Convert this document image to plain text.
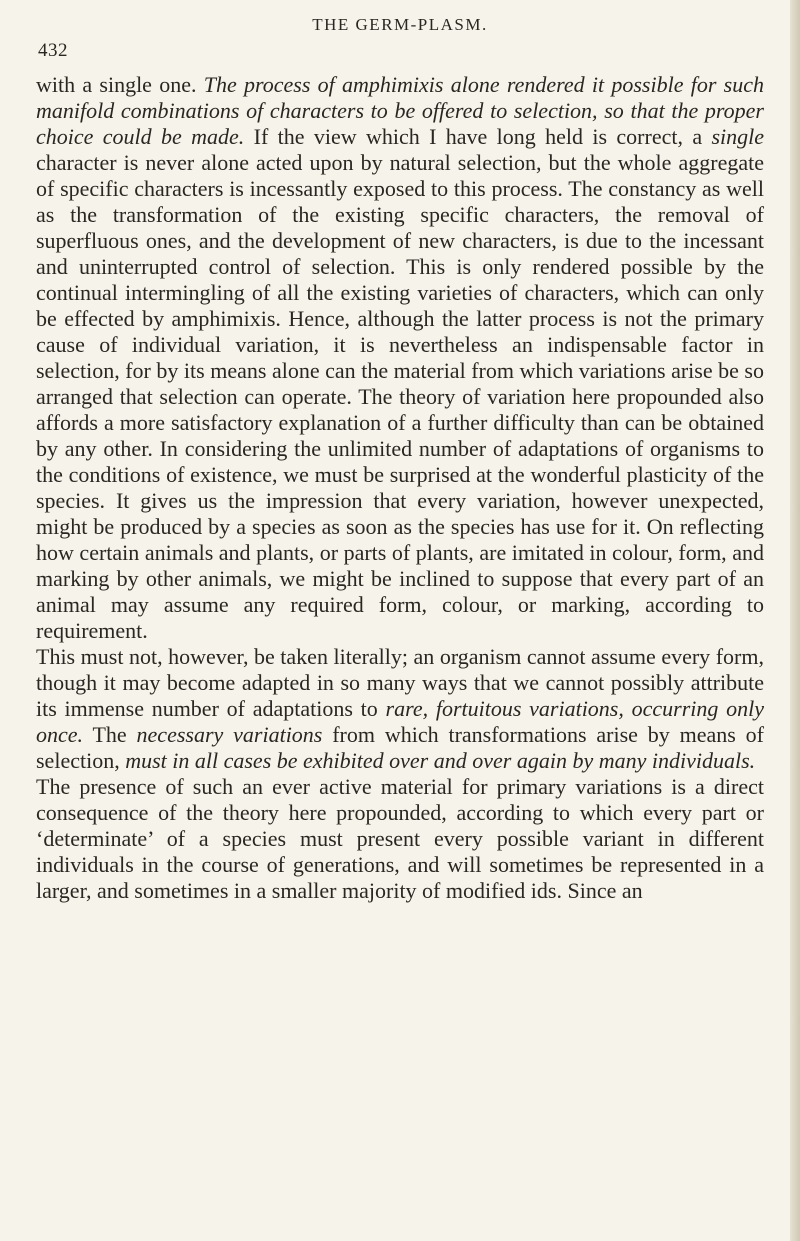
432
THE GERM-PLASM.

with a single one. The process of amphimixis alone rendered it possible for such manifold combinations of characters to be offered to selection, so that the proper choice could be made. If the view which I have long held is correct, a single character is never alone acted upon by natural selection, but the whole aggregate of specific characters is incessantly exposed to this process. The constancy as well as the transformation of the existing specific characters, the removal of superfluous ones, and the development of new characters, is due to the incessant and uninterrupted control of selection. This is only rendered possible by the continual intermingling of all the existing varieties of characters, which can only be effected by amphimixis. Hence, although the latter process is not the primary cause of individual variation, it is nevertheless an indispensable factor in selection, for by its means alone can the material from which variations arise be so arranged that selection can operate. The theory of variation here propounded also affords a more satisfactory explanation of a further difficulty than can be obtained by any other. In considering the unlimited number of adaptations of organisms to the conditions of existence, we must be surprised at the wonderful plasticity of the species. It gives us the impression that every variation, however unexpected, might be produced by a species as soon as the species has use for it. On reflecting how certain animals and plants, or parts of plants, are imitated in colour, form, and marking by other animals, we might be inclined to suppose that every part of an animal may assume any required form, colour, or marking, according to requirement.

This must not, however, be taken literally; an organism cannot assume every form, though it may become adapted in so many ways that we cannot possibly attribute its immense number of adaptations to rare, fortuitous variations, occurring only once. The necessary variations from which transformations arise by means of selection, must in all cases be exhibited over and over again by many individuals.

The presence of such an ever active material for primary variations is a direct consequence of the theory here propounded, according to which every part or ‘determinate’ of a species must present every possible variant in different individuals in the course of generations, and will sometimes be represented in a larger, and sometimes in a smaller majority of modified ids. Since an
